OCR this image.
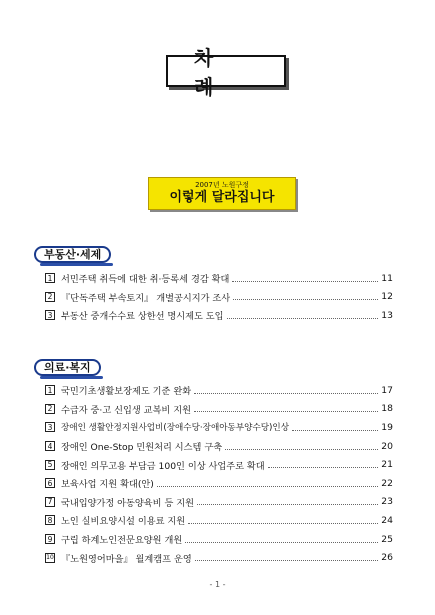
차 례
2007년 노원구정
이렇게 달라집니다
부동산·세제
1 서민주택 취득에 대한 취·등록세 경감 확대	11
2 『단독주택 부속토지』 개별공시지가 조사	12
3 부동산 중개수수료 상한선 명시제도 도입	13
의료·복지
1 국민기초생활보장제도 기준 완화	17
2 수급자 중·고 신입생 교복비 지원	18
3	장애인 생활안정지원사업비(장애수당·장애아동부양수당)인상	19
4 장애인 One-Stop 민원처리 시스템 구축	20
5 장애인 의무고용 부담금 100인 이상 사업주로 확대	21
6 보육사업 지원 확대(안)	22
7 국내입양가정 아동양육비 등 지원	23
8 노인 실비요양시설 이용료 지원	24
9 구립 하계노인전문요양원 개원	25
10 『노원영어마을』 월계캠프 운영	26
- 1 -
